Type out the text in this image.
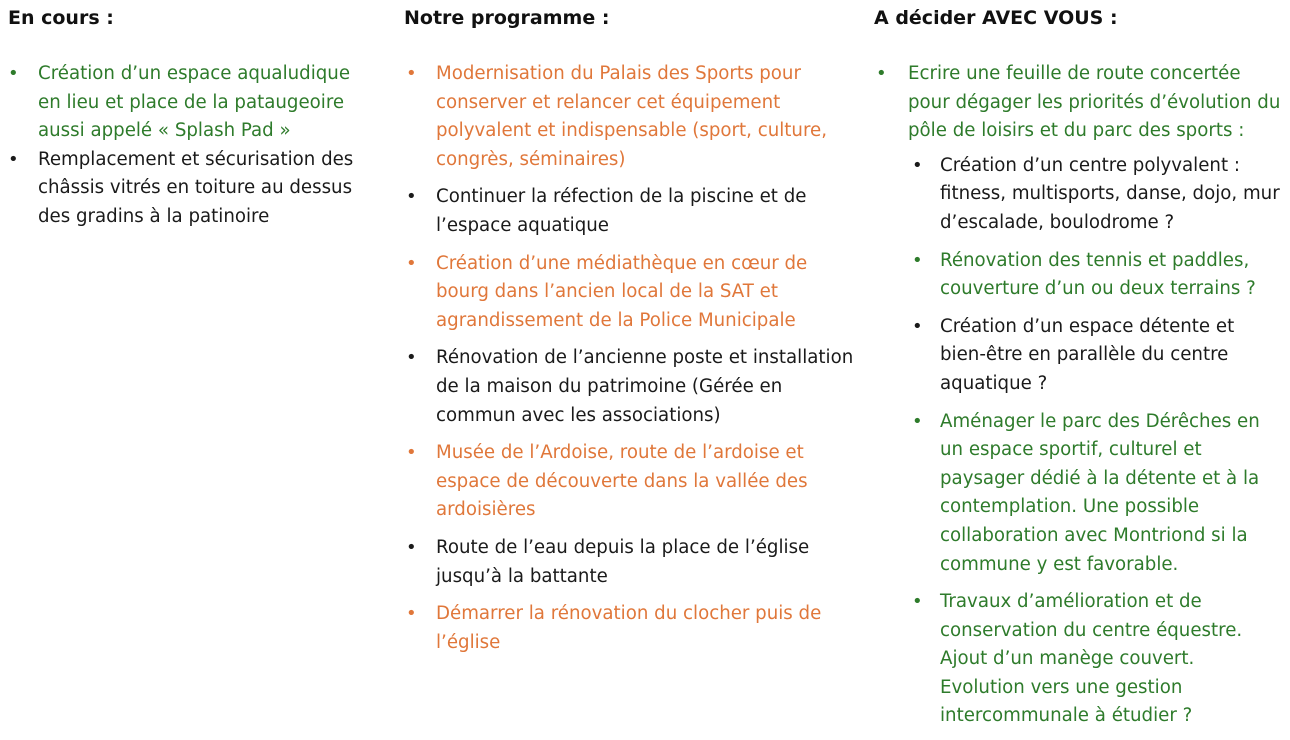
En cours :
• Création d’un espace aqualudique en lieu et place de la pataugeoire aussi appelé « Splash Pad »
• Remplacement et sécurisation des châssis vitrés en toiture au dessus des gradins à la patinoire
Notre programme :
• Modernisation du Palais des Sports pour conserver et relancer cet équipement polyvalent et indispensable (sport, culture, congrès, séminaires)
• Continuer la réfection de la piscine et de l’espace aquatique
• Création d’une médiathèque en cœur de bourg dans l’ancien local de la SAT et agrandissement de la Police Municipale
• Rénovation de l’ancienne poste et installation de la maison du patrimoine (Gérée en commun avec les associations)
• Musée de l’Ardoise, route de l’ardoise et espace de découverte dans la vallée des ardoisières
• Route de l’eau depuis la place de l’église jusqu’à la battante
• Démarrer la rénovation du clocher puis de l’église
A décider AVEC VOUS :
• Ecrire une feuille de route concertée pour dégager les priorités d’évolution du pôle de loisirs et du parc des sports :
• Création d’un centre polyvalent : fitness, multisports, danse, dojo, mur d’escalade, boulodrome ?
• Rénovation des tennis et paddles, couverture d’un ou deux terrains ?
• Création d’un espace détente et bien-être en parallèle du centre aquatique ?
• Aménager le parc des Dérêches en un espace sportif, culturel et paysager dédié à la détente et à la contemplation. Une possible collaboration avec Montriond si la commune y est favorable.
• Travaux d’amélioration et de conservation du centre équestre. Ajout d’un manège couvert. Evolution vers une gestion intercommunale à étudier ?
